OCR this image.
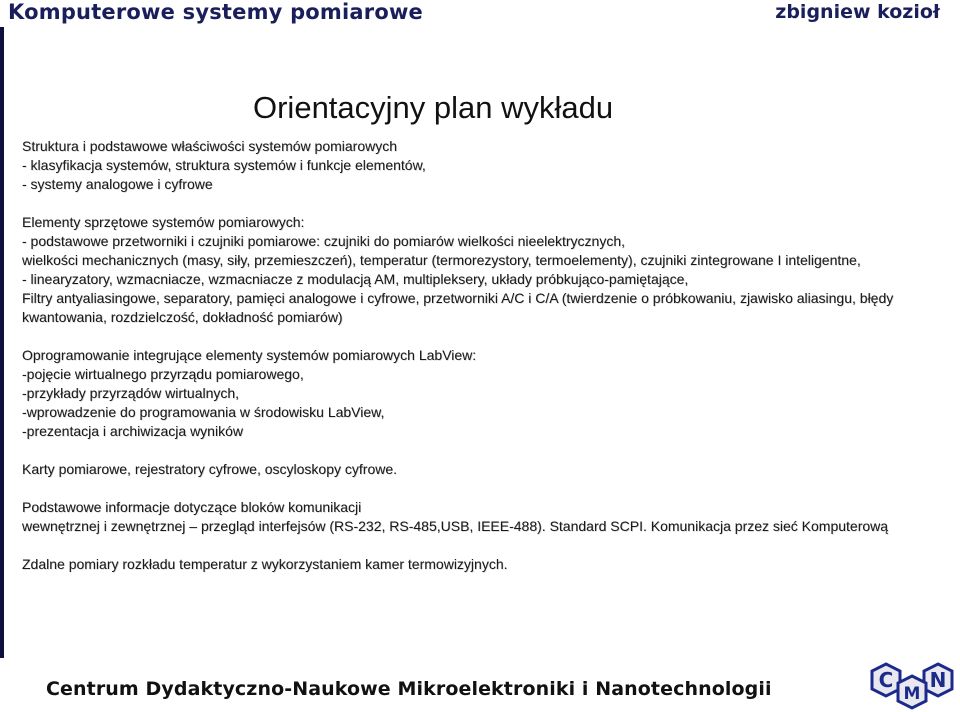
Komputerowe systemy pomiarowe	zbigniew kozioł
Orientacyjny plan wykładu
Struktura i podstawowe właściwości systemów pomiarowych
- klasyfikacja systemów, struktura systemów i funkcje elementów,
- systemy analogowe i cyfrowe
Elementy sprzętowe systemów pomiarowych:
- podstawowe przetworniki i czujniki pomiarowe: czujniki do pomiarów wielkości nieelektrycznych,
wielkości mechanicznych (masy, siły, przemieszczeń), temperatur (termorezystory, termoelementy), czujniki zintegrowane I inteligentne,
- linearyzatory, wzmacniacze, wzmacniacze z modulacją AM, multipleksery, układy próbkująco-pamiętające,
Filtry antyaliasingowe, separatory, pamięci analogowe i cyfrowe, przetworniki A/C i C/A (twierdzenie o próbkowaniu, zjawisko aliasingu, błędy kwantowania, rozdzielczość, dokładność pomiarów)
Oprogramowanie integrujące elementy systemów pomiarowych LabView:
-pojęcie wirtualnego przyrządu pomiarowego,
-przykłady przyrządów wirtualnych,
-wprowadzenie do programowania w środowisku LabView,
-prezentacja i archiwizacja wyników
Karty pomiarowe, rejestratory cyfrowe, oscyloskopy cyfrowe.
Podstawowe informacje dotyczące bloków komunikacji
wewnętrznej i zewnętrznej – przegląd interfejsów (RS-232, RS-485,USB, IEEE-488). Standard SCPI. Komunikacja przez sieć Komputerową
Zdalne pomiary rozkładu temperatur z wykorzystaniem kamer termowizyjnych.
Centrum Dydaktyczno-Naukowe Mikroelektroniki i Nanotechnologii	C
M
N
